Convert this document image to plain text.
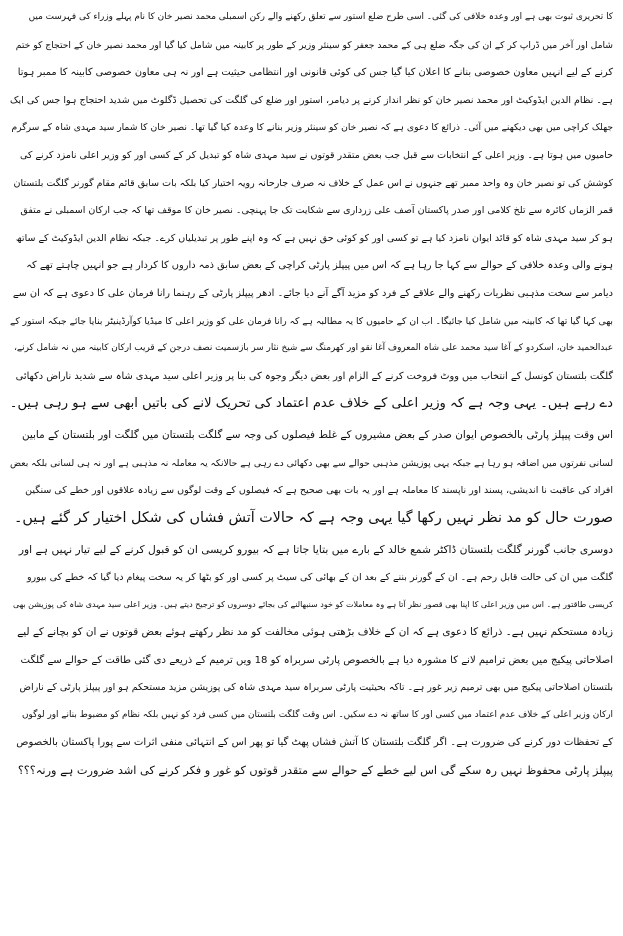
کا تحریری ثبوت بھی ہے اور وعدہ خلافی کی گئی۔ اسی طرح ضلع استور سے تعلق رکھنے والے رکن اسمبلی محمد نصیر خان کا نام پہلے وزراء کی فہرست میں
شامل اور آخر میں ڈراپ کر کے ان کی جگہ ضلع ہی کے محمد جعفر کو سینئر وزیر کے طور پر کابینہ میں شامل کیا گیا اور محمد نصیر خان کے احتجاج کو ختم
کرنے کے لیے انہیں معاون خصوصی بنانے کا اعلان کیا گیا جس کی کوئی قانونی اور انتظامی حیثیت ہے اور نہ ہی معاون خصوصی کابینہ کا ممبر ہوتا
ہے۔ نظام الدین ایڈوکیٹ اور محمد نصیر خان کو نظر انداز کرنے پر دیامر، استور اور ضلع کی گلگت کی تحصیل ڈگلوٹ میں شدید احتجاج ہوا جس کی ایک
جھلک کراچی میں بھی دیکھنے میں آئی۔ ذرائع کا دعوی ہے کہ نصیر خان کو سینئر وزیر بنانے کا وعدہ کیا گیا تھا۔ نصیر خان کا شمار سید مہدی شاہ کے سرگرم
حامیوں میں ہوتا ہے۔ وزیر اعلی کے انتخابات سے قبل جب بعض متقدر قوتوں نے سید مہدی شاہ کو تبدیل کر کے کسی اور کو وزیر اعلی نامزد کرنے کی
کوشش کی تو نصیر خان وہ واحد ممبر تھے جنہوں نے اس عمل کے خلاف نہ صرف جارحانہ رویہ اختیار کیا بلکہ بات سابق قائم مقام گورنر گلگت بلتستان
قمر الزماں کائرہ سے تلخ کلامی اور صدر پاکستان آصف علی زرداری سے شکایت تک جا پہنچی۔ نصیر خان کا موقف تھا کہ جب ارکان اسمبلی نے متفق
ہو کر سید مہدی شاہ کو قائد ایوان نامزد کیا ہے تو کسی اور کو کوئی حق نہیں ہے کہ وہ اپنے طور پر تبدیلیاں کرے۔ جبکہ نظام الدین ایڈوکیٹ کے ساتھ
ہونے والی وعدہ خلافی کے حوالے سے کہا جا رہا ہے کہ اس میں پیپلز پارٹی کراچی کے بعض سابق ذمہ داروں کا کردار ہے جو انہیں چاہتے تھے کہ
دیامر سے سخت مذہبی نظریات رکھنے والے علاقے کے فرد کو مزید آگے آنے دیا جائے۔ ادھر پیپلز پارٹی کے رہنما رانا فرمان علی کا دعوی ہے کہ ان سے
بھی کہا گیا تھا کہ کابینہ میں شامل کیا جائیگا۔ اب ان کے حامیوں کا یہ مطالبہ ہے کہ رانا فرمان علی کو وزیر اعلی کا میڈیا کوآرڈینیٹر بنایا جائے جبکہ استور کے
عبدالحمید خان، اسکردو کے آغا سید محمد علی شاہ المعروف آغا نقو اور کھرمنگ سے شیخ نثار سر بازسمیت نصف درجن کے قریب ارکان کابینہ میں نہ شامل کرنے،
گلگت بلتستان کونسل کے انتخاب میں ووٹ فروخت کرنے کے الزام اور بعض دیگر وجوہ کی بنا پر وزیر اعلی سید مہدی شاہ سے شدید ناراض دکھائی
دے رہے ہیں۔ یہی وجہ ہے کہ وزیر اعلی کے خلاف عدم اعتماد کی تحریک لانے کی باتیں ابھی سے ہو رہی ہیں۔
اس وقت پیپلز پارٹی بالخصوص ایوان صدر کے بعض مشیروں کے غلط فیصلوں کی وجہ سے گلگت بلتستان میں گلگت اور بلتستان کے مابین
لسانی نفرتوں میں اضافہ ہو رہا ہے جبکہ یہی پوزیشن مذہبی حوالے سے بھی دکھائی دے رہی ہے حالانکہ یہ معاملہ نہ مذہبی ہے اور نہ ہی لسانی بلکہ بعض
افراد کی عاقبت نا اندیشی، پسند اور ناپسند کا معاملہ ہے اور یہ بات بھی صحیح ہے کہ فیصلوں کے وقت لوگوں سے زیادہ علاقوں اور خطے کی سنگین
صورت حال کو مد نظر نہیں رکھا گیا یہی وجہ ہے کہ حالات آتش فشاں کی شکل اختیار کر گئے ہیں۔
دوسری جانب گورنر گلگت بلتستان ڈاکٹر شمع خالد کے بارے میں بتایا جاتا ہے کہ بیورو کریسی ان کو قبول کرنے کے لیے تیار نہیں ہے اور
گلگت میں ان کی حالت قابل رحم ہے۔ ان کے گورنر بننے کے بعد ان کے بھائی کی سیٹ پر کسی اور کو بٹھا کر یہ سخت پیغام دیا گیا کہ خطے کی بیورو
کریسی طاقتور ہے۔ اس میں وزیر اعلی کا اپنا بھی قصور نظر آتا ہے وہ معاملات کو خود سنبھالنے کی بجائے دوسروں کو ترجیح دیتے ہیں۔ وزیر اعلی سید مہدی شاہ کی پوزیشن بھی
زیادہ مستحکم نہیں ہے۔ ذرائع کا دعوی ہے کہ ان کے خلاف بڑھتی ہوئی مخالفت کو مد نظر رکھتے ہوئے بعض قوتوں نے ان کو بچانے کے لیے
اصلاحاتی پیکیج میں بعض ترامیم لانے کا مشورہ دیا ہے بالخصوص پارٹی سربراہ کو 18 ویں ترمیم کے ذریعے دی گئی طاقت کے حوالے سے گلگت
بلتستان اصلاحاتی پیکیج میں بھی ترمیم زیر غور ہے۔ تاکہ بحیثیت پارٹی سربراہ سید مہدی شاہ کی پوزیشن مزید مستحکم ہو اور پیپلز پارٹی کے ناراض
ارکان وزیر اعلی کے خلاف عدم اعتماد میں کسی اور کا ساتھ نہ دے سکیں۔ اس وقت گلگت بلتستان میں کسی فرد کو نہیں بلکہ نظام کو مضبوط بنانے اور لوگوں
کے تحفظات دور کرنے کی ضرورت ہے۔ اگر گلگت بلتستان کا آتش فشاں پھٹ گیا تو پھر اس کے انتہائی منفی اثرات سے پورا پاکستان بالخصوص
پیپلز پارٹی محفوظ نہیں رہ سکے گی اس لیے خطے کے حوالے سے متقدر قوتوں کو غور و فکر کرنے کی اشد ضرورت ہے ورنہ؟؟؟
